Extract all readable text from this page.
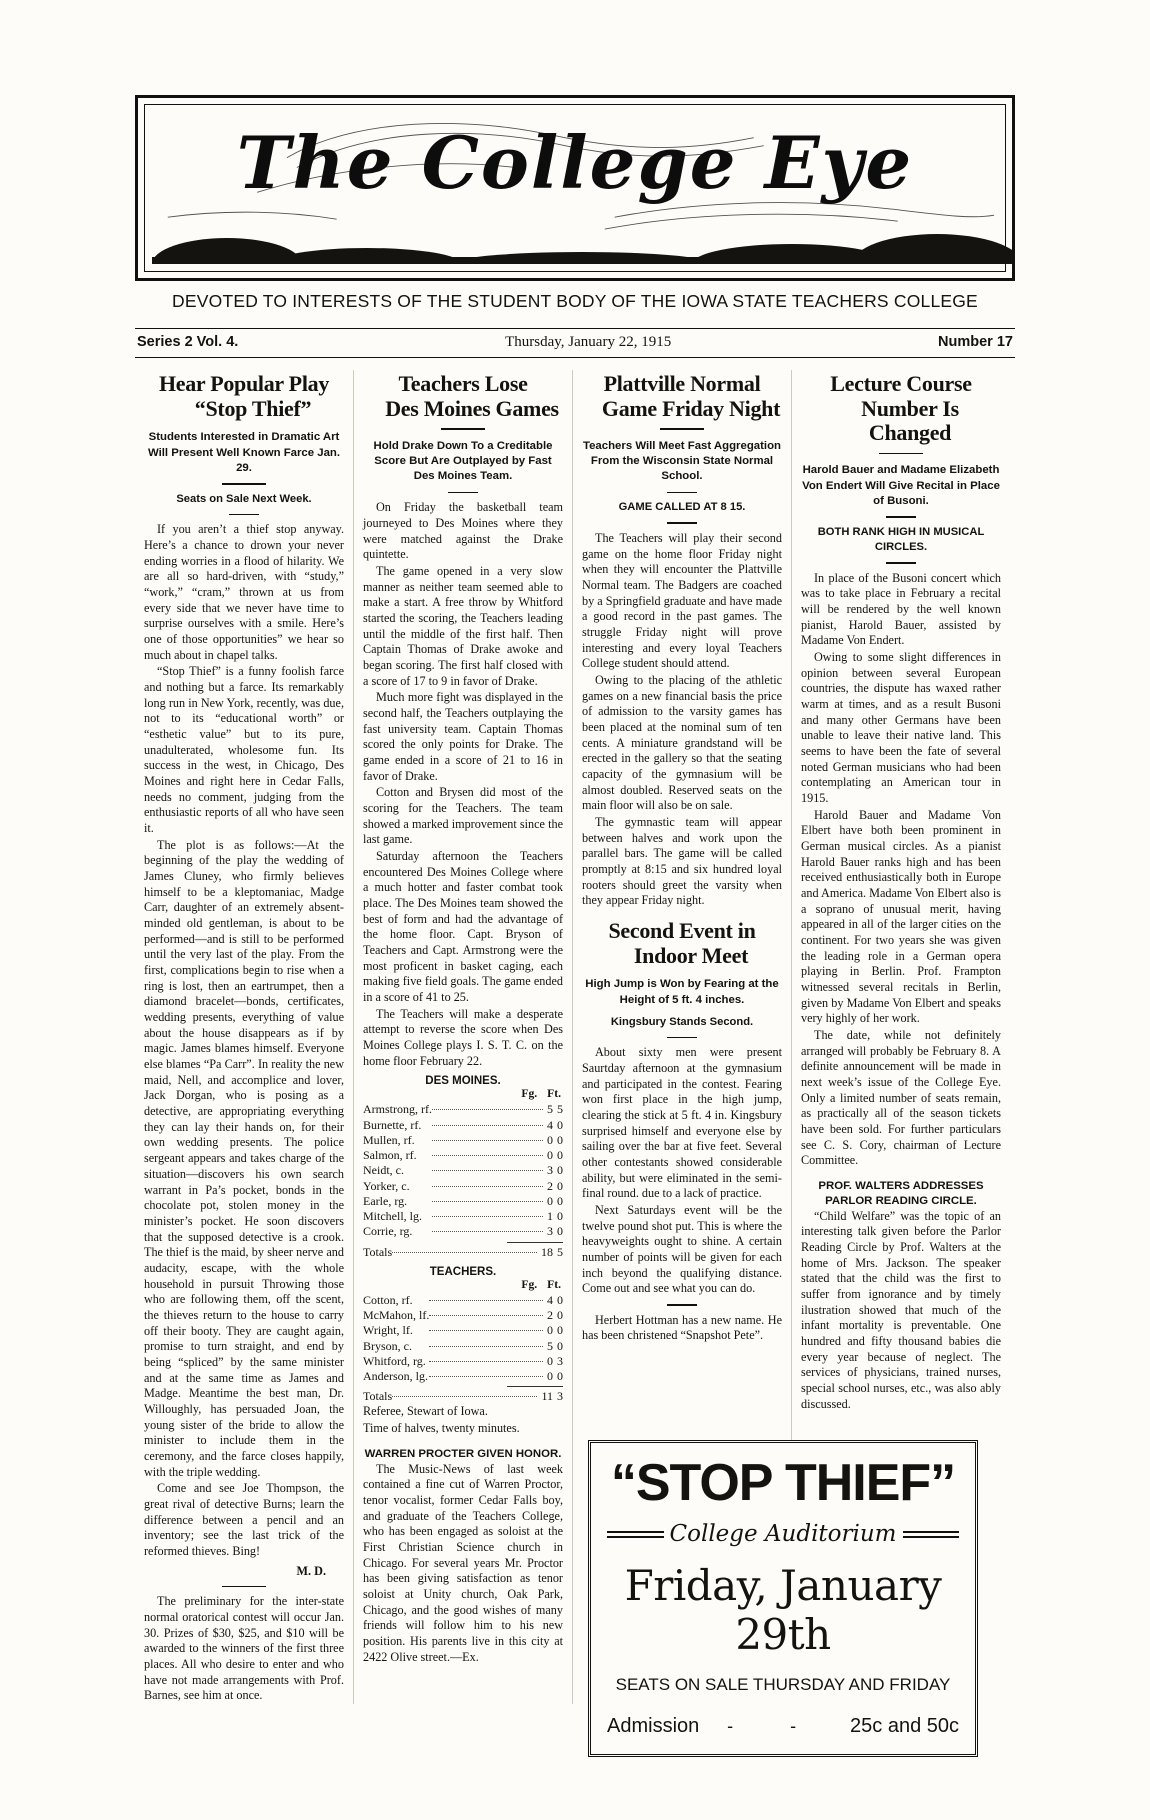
The College Eye
DEVOTED TO INTERESTS OF THE STUDENT BODY OF THE IOWA STATE TEACHERS COLLEGE
Series 2 Vol. 4.	Thursday, January 22, 1915	Number 17
Hear Popular Play
“Stop Thief”
Students Interested in Dramatic Art Will Present Well Known Farce Jan. 29.
Seats on Sale Next Week.

If you aren’t a thief stop anyway. Here’s a chance to drown your never ending worries in a flood of hilarity. We are all so hard-driven, with “study,” “work,” “cram,” thrown at us from every side that we never have time to surprise ourselves with a smile. Here’s one of those opportunities” we hear so much about in chapel talks.

“Stop Thief” is a funny foolish farce and nothing but a farce. Its remarkably long run in New York, recently, was due, not to its “educational worth” or “esthetic value” but to its pure, unadulterated, wholesome fun. Its success in the west, in Chicago, Des Moines and right here in Cedar Falls, needs no comment, judging from the enthusiastic reports of all who have seen it.

The plot is as follows:—At the beginning of the play the wedding of James Cluney, who firmly believes himself to be a kleptomaniac, Madge Carr, daughter of an extremely absent-minded old gentleman, is about to be performed—and is still to be performed until the very last of the play. From the first, complications begin to rise when a ring is lost, then an eartrumpet, then a diamond bracelet—bonds, certificates, wedding presents, everything of value about the house disappears as if by magic. James blames himself. Everyone else blames “Pa Carr”. In reality the new maid, Nell, and accomplice and lover, Jack Dorgan, who is posing as a detective, are appropriating everything they can lay their hands on, for their own wedding presents. The police sergeant appears and takes charge of the situation—discovers his own search warrant in Pa’s pocket, bonds in the chocolate pot, stolen money in the minister’s pocket. He soon discovers that the supposed detective is a crook. The thief is the maid, by sheer nerve and audacity, escape, with the whole household in pursuit Throwing those who are following them, off the scent, the thieves return to the house to carry off their booty. They are caught again, promise to turn straight, and end by being “spliced” by the same minister and at the same time as James and Madge. Meantime the best man, Dr. Willoughly, has persuaded Joan, the young sister of the bride to allow the minister to include them in the ceremony, and the farce closes happily, with the triple wedding.

Come and see Joe Thompson, the great rival of detective Burns; learn the difference between a pencil and an inventory; see the last trick of the reformed thieves. Bing!

M. D.

The preliminary for the inter-state normal oratorical contest will occur Jan. 30. Prizes of $30, $25, and $10 will be awarded to the winners of the first three places. All who desire to enter and who have not made arrangements with Prof. Barnes, see him at once.

Teachers Lose
Des Moines Games
Hold Drake Down To a Creditable Score But Are Outplayed by Fast Des Moines Team.

On Friday the basketball team journeyed to Des Moines where they were matched against the Drake quintette.

The game opened in a very slow manner as neither team seemed able to make a start. A free throw by Whitford started the scoring, the Teachers leading until the middle of the first half. Then Captain Thomas of Drake awoke and began scoring. The first half closed with a score of 17 to 9 in favor of Drake.

Much more fight was displayed in the second half, the Teachers outplaying the fast university team. Captain Thomas scored the only points for Drake. The game ended in a score of 21 to 16 in favor of Drake.

Cotton and Brysen did most of the scoring for the Teachers. The team showed a marked improvement since the last game.

Saturday afternoon the Teachers encountered Des Moines College where a much hotter and faster combat took place. The Des Moines team showed the best of form and had the advantage of the home floor. Capt. Bryson of Teachers and Capt. Armstrong were the most proficent in basket caging, each making five field goals. The game ended in a score of 41 to 25.

The Teachers will make a desperate attempt to reverse the score when Des Moines College plays I. S. T. C. on the home floor February 22.

DES MOINES.
Fg. Ft.
Armstrong, rf.		5	5
Burnette, rf.		4	0
Mullen, rf.		0	0
Salmon, rf.		0	0
Neidt, c.		3	0
Yorker, c.		2	0
Earle, rg.		0	0
Mitchell, lg.		1	0
Corrie, rg.		3	0
Totals		18	5
TEACHERS.
Fg. Ft.
Cotton, rf.		4	0
McMahon, lf.		2	0
Wright, lf.		0	0
Bryson, c.		5	0
Whitford, rg.		0	3
Anderson, lg.		0	0
Totals		11	3

Referee, Stewart of Iowa.

Time of halves, twenty minutes.

WARREN PROCTER GIVEN HONOR.

The Music-News of last week contained a fine cut of Warren Proctor, tenor vocalist, former Cedar Falls boy, and graduate of the Teachers College, who has been engaged as soloist at the First Christian Science church in Chicago. For several years Mr. Proctor has been giving satisfaction as tenor soloist at Unity church, Oak Park, Chicago, and the good wishes of many friends will follow him to his new position. His parents live in this city at 2422 Olive street.—Ex.

Plattville Normal
Game Friday Night
Teachers Will Meet Fast Aggregation From the Wisconsin State Normal School.
GAME CALLED AT 8 15.

The Teachers will play their second game on the home floor Friday night when they will encounter the Plattville Normal team. The Badgers are coached by a Springfield graduate and have made a good record in the past games. The struggle Friday night will prove interesting and every loyal Teachers College student should attend.

Owing to the placing of the athletic games on a new financial basis the price of admission to the varsity games has been placed at the nominal sum of ten cents. A miniature grandstand will be erected in the gallery so that the seating capacity of the gymnasium will be almost doubled. Reserved seats on the main floor will also be on sale.

The gymnastic team will appear between halves and work upon the parallel bars. The game will be called promptly at 8:15 and six hundred loyal rooters should greet the varsity when they appear Friday night.

Second Event in
Indoor Meet
High Jump is Won by Fearing at the Height of 5 ft. 4 inches.
Kingsbury Stands Second.

About sixty men were present Saurtday afternoon at the gymnasium and participated in the contest. Fearing won first place in the high jump, clearing the stick at 5 ft. 4 in. Kingsbury surprised himself and everyone else by sailing over the bar at five feet. Several other contestants showed considerable ability, but were eliminated in the semi-final round. due to a lack of practice.

Next Saturdays event will be the twelve pound shot put. This is where the heavyweights ought to shine. A certain number of points will be given for each inch beyond the qualifying distance. Come out and see what you can do.

Herbert Hottman has a new name. He has been christened “Snapshot Pete”.

Lecture Course
Number Is Changed
Harold Bauer and Madame Elizabeth Von Endert Will Give Recital in Place of Busoni.
BOTH RANK HIGH IN MUSICAL CIRCLES.

In place of the Busoni concert which was to take place in February a recital will be rendered by the well known pianist, Harold Bauer, assisted by Madame Von Endert.

Owing to some slight differences in opinion between several European countries, the dispute has waxed rather warm at times, and as a result Busoni and many other Germans have been unable to leave their native land. This seems to have been the fate of several noted German musicians who had been contemplating an American tour in 1915.

Harold Bauer and Madame Von Elbert have both been prominent in German musical circles. As a pianist Harold Bauer ranks high and has been received enthusiastically both in Europe and America. Madame Von Elbert also is a soprano of unusual merit, having appeared in all of the larger cities on the continent. For two years she was given the leading role in a German opera playing in Berlin. Prof. Frampton witnessed several recitals in Berlin, given by Madame Von Elbert and speaks very highly of her work.

The date, while not definitely arranged will probably be February 8. A definite announcement will be made in next week’s issue of the College Eye. Only a limited number of seats remain, as practically all of the season tickets have been sold. For further particulars see C. S. Cory, chairman of Lecture Committee.

PROF. WALTERS ADDRESSES PARLOR READING CIRCLE.

“Child Welfare” was the topic of an interesting talk given before the Parlor Reading Circle by Prof. Walters at the home of Mrs. Jackson. The speaker stated that the child was the first to suffer from ignorance and by timely ilustration showed that much of the infant mortality is preventable. One hundred and fifty thousand babies die every year because of neglect. The services of physicians, trained nurses, special school nurses, etc., was also ably discussed.

“STOP THIEF”
College Auditorium
Friday, January 29th
SEATS ON SALE THURSDAY AND FRIDAY
Admission - - 25c and 50c
